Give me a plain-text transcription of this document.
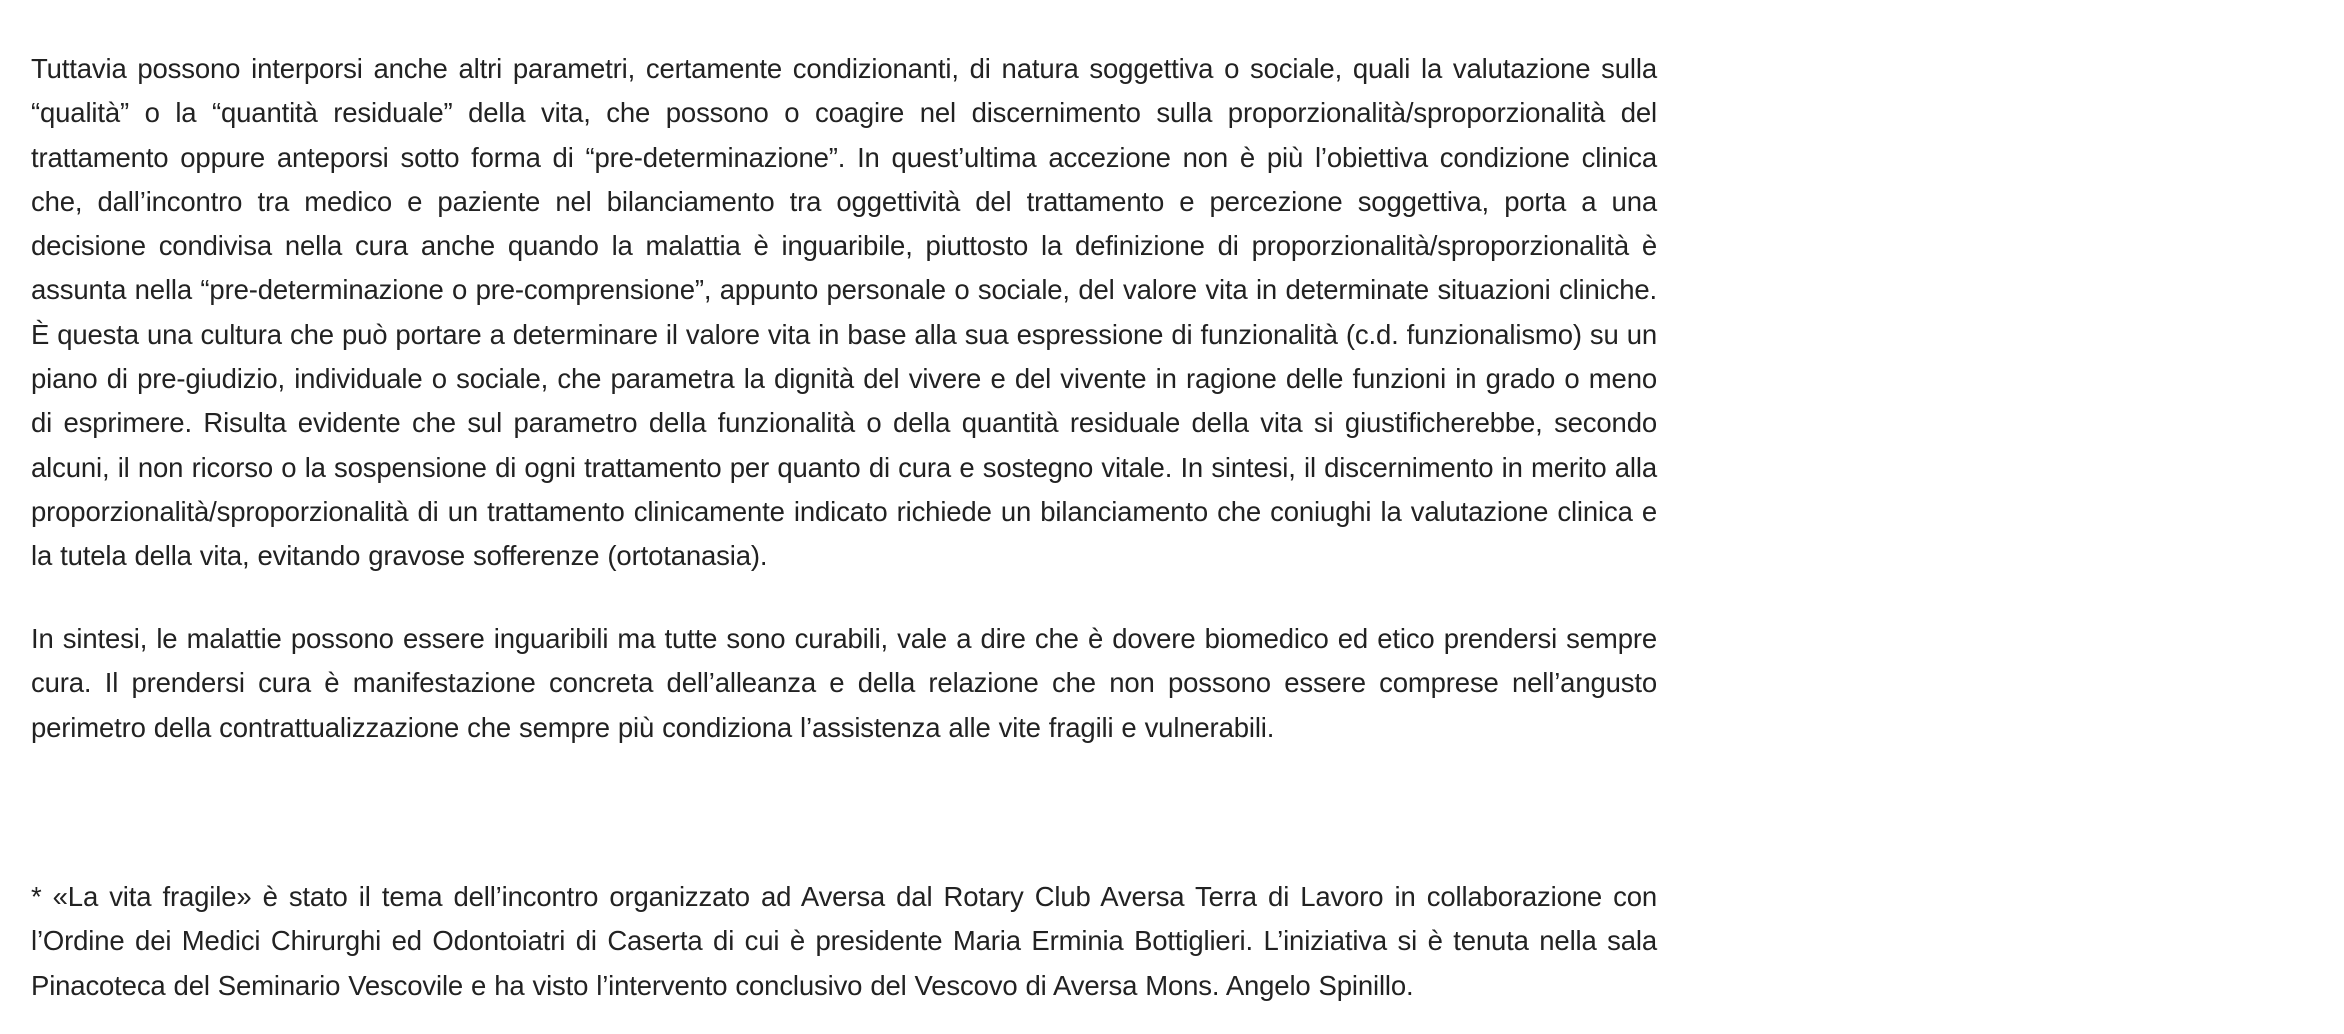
Tuttavia possono interporsi anche altri parametri, certamente condizionanti, di natura soggettiva o sociale, quali la valutazione sulla “qualità” o la “quantità residuale” della vita, che possono o coagire nel discernimento sulla proporzionalità/sproporzionalità del trattamento oppure anteporsi sotto forma di “pre-determinazione”. In quest’ultima accezione non è più l’obiettiva condizione clinica che, dall’incontro tra medico e paziente nel bilanciamento tra oggettività del trattamento e percezione soggettiva, porta a una decisione condivisa nella cura anche quando la malattia è inguaribile, piuttosto la definizione di proporzionalità/sproporzionalità è assunta nella “pre-determinazione o pre-comprensione”, appunto personale o sociale, del valore vita in determinate situazioni cliniche. È questa una cultura che può portare a determinare il valore vita in base alla sua espressione di funzionalità (c.d. funzionalismo) su un piano di pre-giudizio, individuale o sociale, che parametra la dignità del vivere e del vivente in ragione delle funzioni in grado o meno di esprimere. Risulta evidente che sul parametro della funzionalità o della quantità residuale della vita si giustificherebbe, secondo alcuni, il non ricorso o la sospensione di ogni trattamento per quanto di cura e sostegno vitale. In sintesi, il discernimento in merito alla proporzionalità/sproporzionalità di un trattamento clinicamente indicato richiede un bilanciamento che coniughi la valutazione clinica e la tutela della vita, evitando gravose sofferenze (ortotanasia).

In sintesi, le malattie possono essere inguaribili ma tutte sono curabili, vale a dire che è dovere biomedico ed etico prendersi sempre cura. Il prendersi cura è manifestazione concreta dell’alleanza e della relazione che non possono essere comprese nell’angusto perimetro della contrattualizzazione che sempre più condiziona l’assistenza alle vite fragili e vulnerabili.

* «La vita fragile» è stato il tema dell’incontro organizzato ad Aversa dal Rotary Club Aversa Terra di Lavoro in collaborazione con l’Ordine dei Medici Chirurghi ed Odontoiatri di Caserta di cui è presidente Maria Erminia Bottiglieri. L’iniziativa si è tenuta nella sala Pinacoteca del Seminario Vescovile e ha visto l’intervento conclusivo del Vescovo di Aversa Mons. Angelo Spinillo.
